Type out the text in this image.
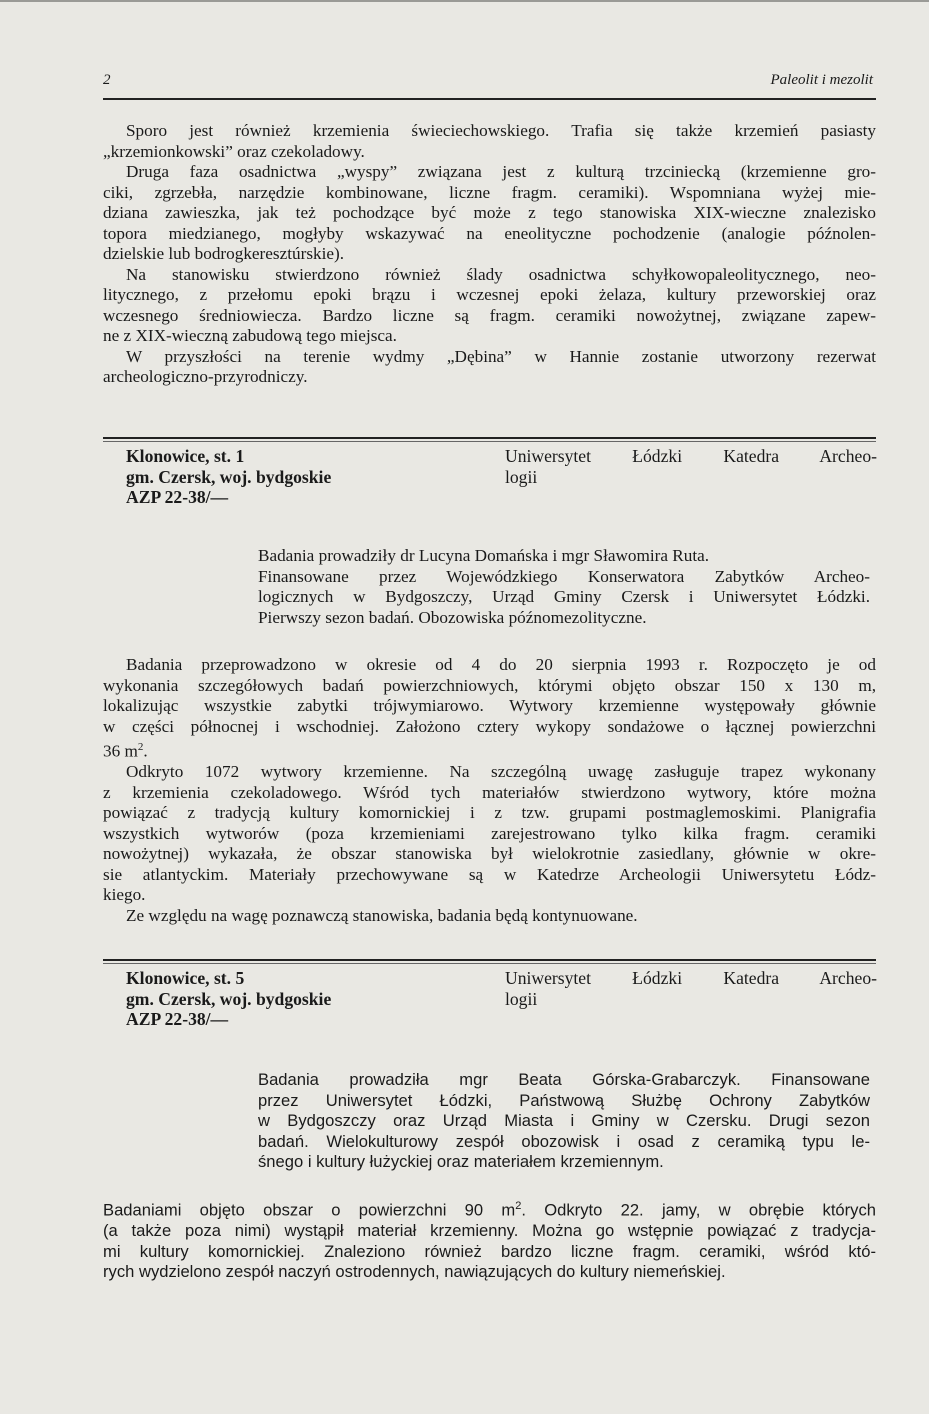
2	Paleolit i mezolit
Sporo jest również krzemienia świeciechowskiego. Trafia się także krzemień pasiasty
„krzemionkowski” oraz czekoladowy.
Druga faza osadnictwa „wyspy” związana jest z kulturą trzciniecką (krzemienne gro-
ciki, zgrzebła, narzędzie kombinowane, liczne fragm. ceramiki). Wspomniana wyżej mie-
dziana zawieszka, jak też pochodzące być może z tego stanowiska XIX-wieczne znalezisko
topora miedzianego, mogłyby wskazywać na eneolityczne pochodzenie (analogie późnolen-
dzielskie lub bodrogkeresztúrskie).
Na stanowisku stwierdzono również ślady osadnictwa schyłkowopaleolitycznego, neo-
litycznego, z przełomu epoki brązu i wczesnej epoki żelaza, kultury przeworskiej oraz
wczesnego średniowiecza. Bardzo liczne są fragm. ceramiki nowożytnej, związane zapew-
ne z XIX-wieczną zabudową tego miejsca.
W przyszłości na terenie wydmy „Dębina” w Hannie zostanie utworzony rezerwat
archeologiczno-przyrodniczy.
Klonowice, st. 1
gm. Czersk, woj. bydgoskie
AZP 22-38/—
Uniwersytet Łódzki Katedra Archeo-
logii
Badania prowadziły dr Lucyna Domańska i mgr Sławomira Ruta.
Finansowane przez Wojewódzkiego Konserwatora Zabytków Archeo-
logicznych w Bydgoszczy, Urząd Gminy Czersk i Uniwersytet Łódzki.
Pierwszy sezon badań. Obozowiska późnomezolityczne.
Badania przeprowadzono w okresie od 4 do 20 sierpnia 1993 r. Rozpoczęto je od
wykonania szczegółowych badań powierzchniowych, którymi objęto obszar 150 x 130 m,
lokalizując wszystkie zabytki trójwymiarowo. Wytwory krzemienne występowały głównie
w części północnej i wschodniej. Założono cztery wykopy sondażowe o łącznej powierzchni
36 $m^2$.
Odkryto 1072 wytwory krzemienne. Na szczególną uwagę zasługuje trapez wykonany
z krzemienia czekoladowego. Wśród tych materiałów stwierdzono wytwory, które można
powiązać z tradycją kultury komornickiej i z tzw. grupami postmaglemoskimi. Planigrafia
wszystkich wytworów (poza krzemieniami zarejestrowano tylko kilka fragm. ceramiki
nowożytnej) wykazała, że obszar stanowiska był wielokrotnie zasiedlany, głównie w okre-
sie atlantyckim. Materiały przechowywane są w Katedrze Archeologii Uniwersytetu Łódz-
kiego.
Ze względu na wagę poznawczą stanowiska, badania będą kontynuowane.
Klonowice, st. 5
gm. Czersk, woj. bydgoskie
AZP 22-38/—
Uniwersytet Łódzki Katedra Archeo-
logii
Badania prowadziła mgr Beata Górska-Grabarczyk. Finansowane
przez Uniwersytet Łódzki, Państwową Służbę Ochrony Zabytków
w Bydgoszczy oraz Urząd Miasta i Gminy w Czersku. Drugi sezon
badań. Wielokulturowy zespół obozowisk i osad z ceramiką typu le-
śnego i kultury łużyckiej oraz materiałem krzemiennym.
Badaniami objęto obszar o powierzchni 90 $m^2$. Odkryto 22. jamy, w obrębie których
(a także poza nimi) wystąpił materiał krzemienny. Można go wstępnie powiązać z tradycja-
mi kultury komornickiej. Znaleziono również bardzo liczne fragm. ceramiki, wśród któ-
rych wydzielono zespół naczyń ostrodennych, nawiązujących do kultury niemeńskiej.
